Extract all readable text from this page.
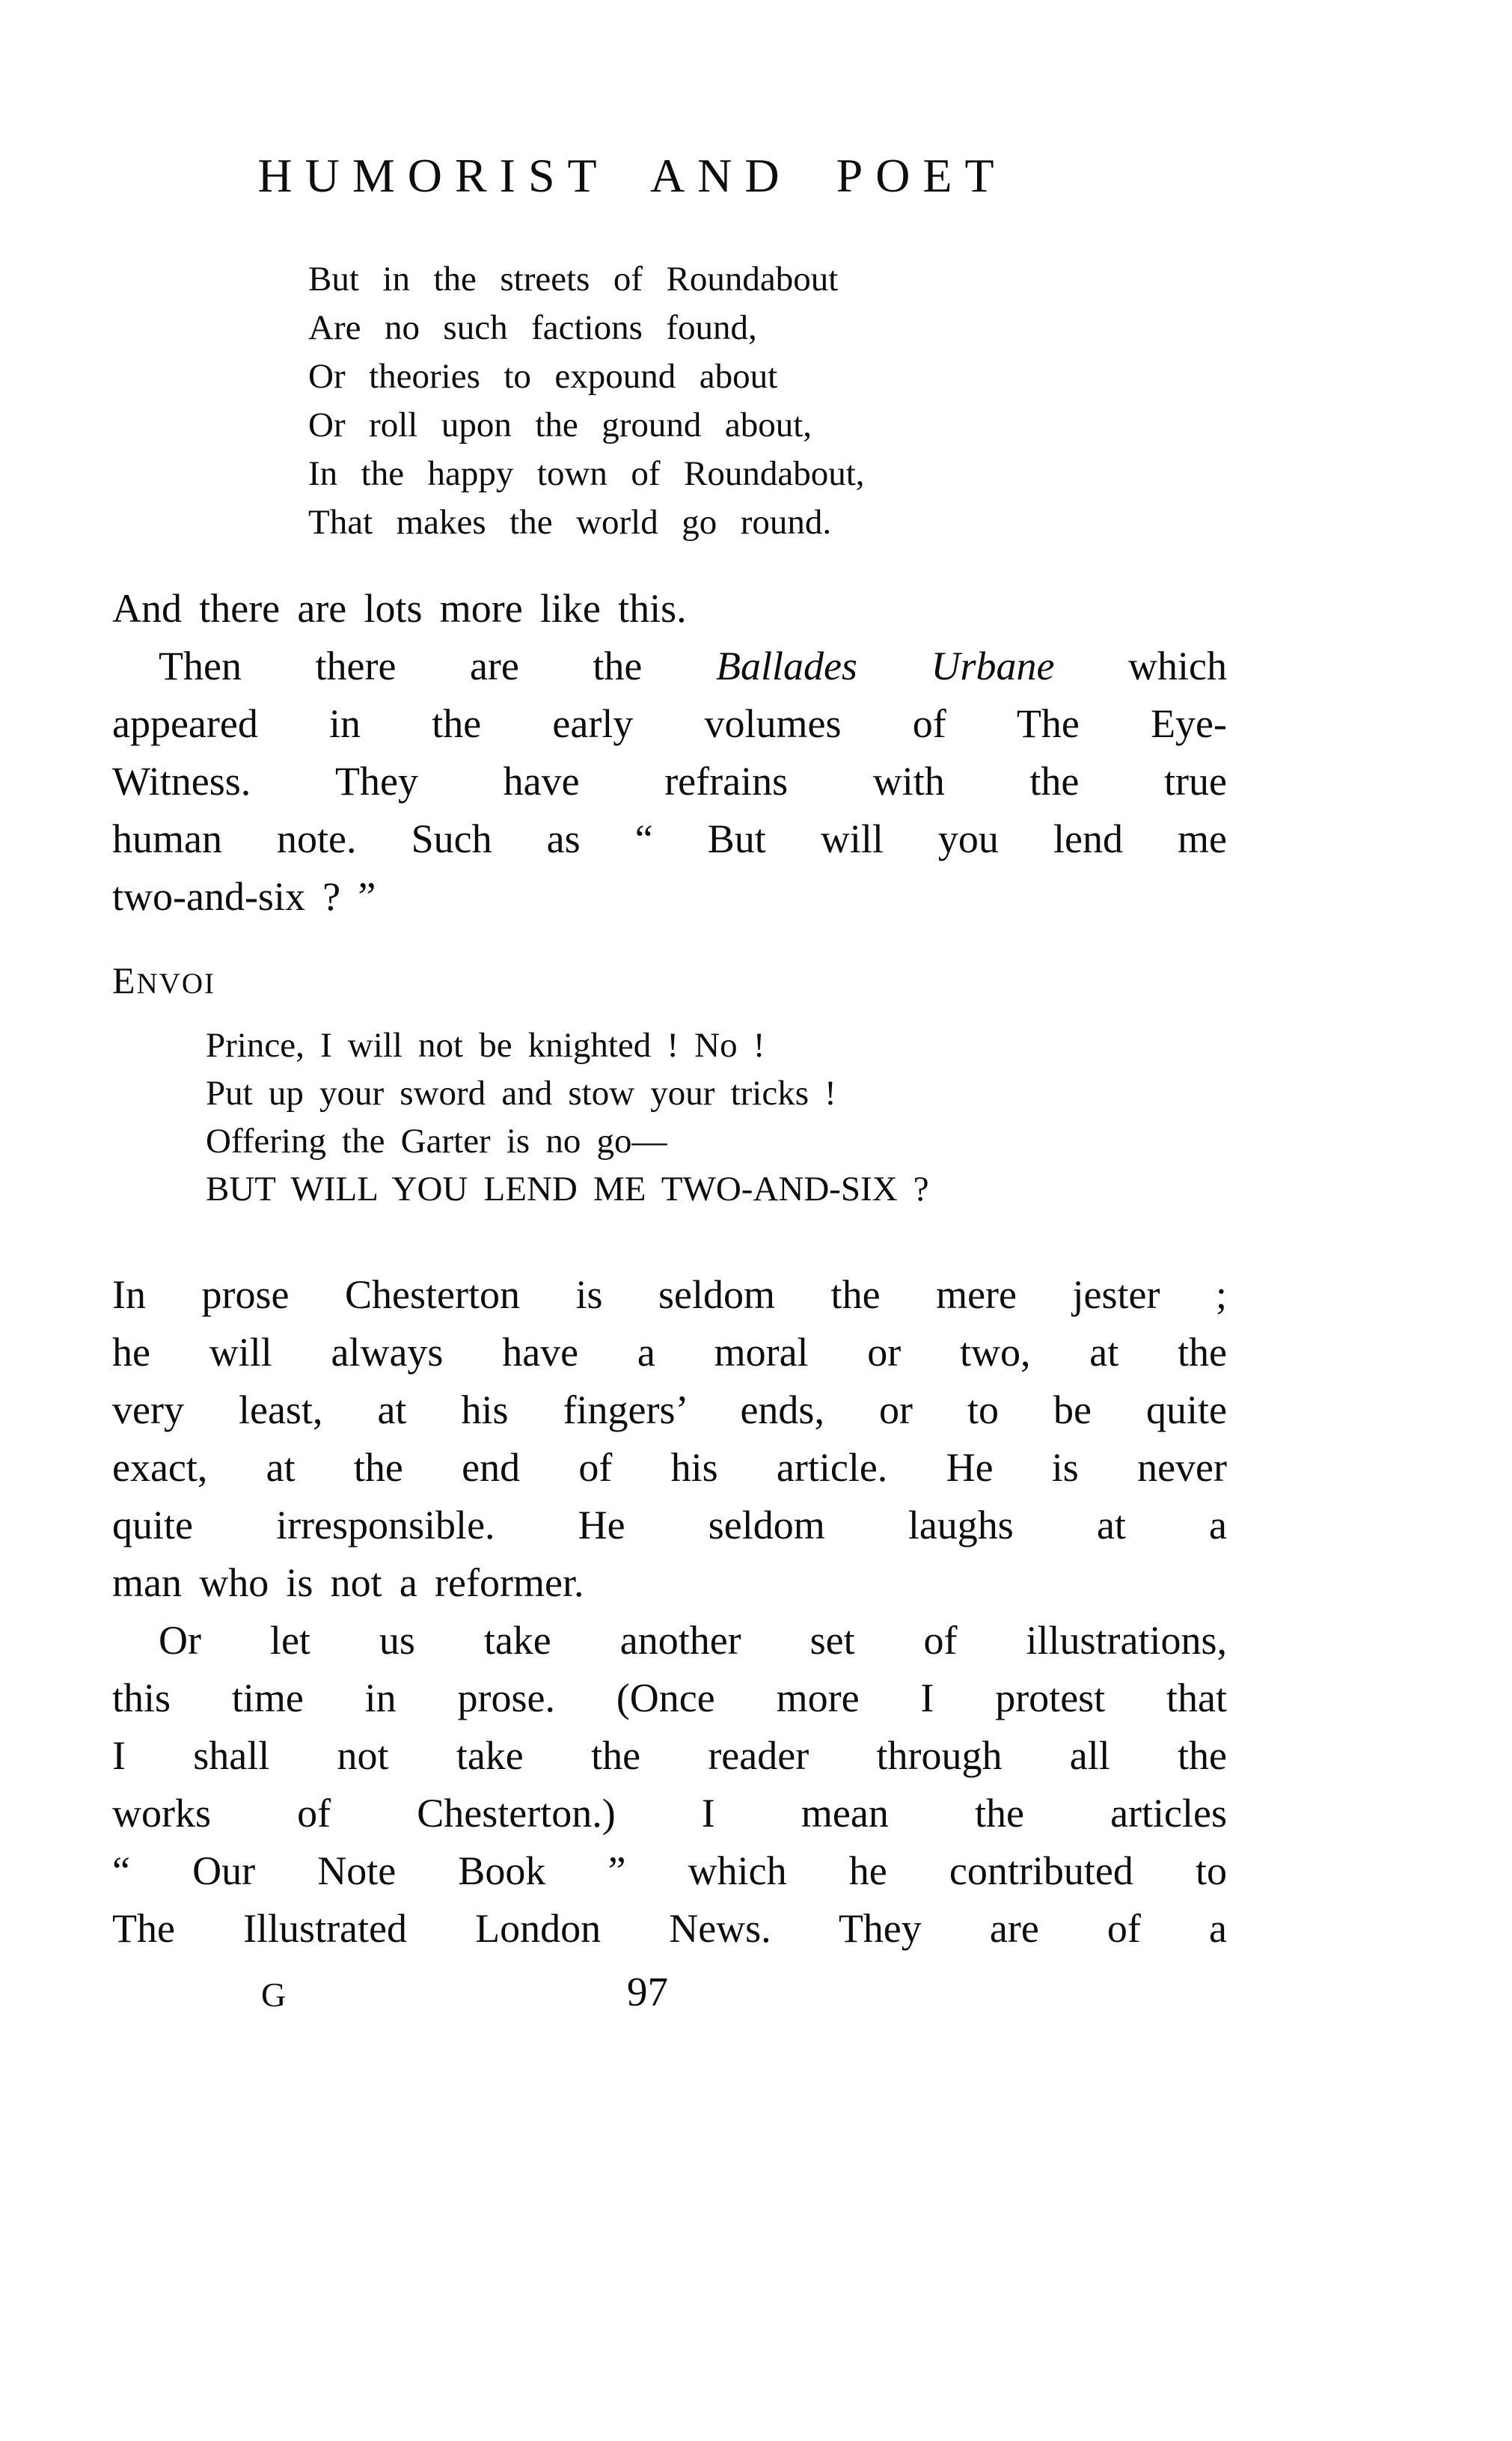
HUMORIST AND POET
But in the streets of Roundabout
Are no such factions found,
Or theories to expound about
Or roll upon the ground about,
In the happy town of Roundabout,
That makes the world go round.
And there are lots more like this.
Then there are the Ballades Urbane which
appeared in the early volumes of The Eye-
Witness. They have refrains with the true
human note. Such as “ But will you lend me
two-and-six ? ”
ENVOI
Prince, I will not be knighted ! No !
Put up your sword and stow your tricks !
Offering the Garter is no go—
BUT WILL YOU LEND ME TWO-AND-SIX ?
In prose Chesterton is seldom the mere jester ;
he will always have a moral or two, at the
very least, at his fingers’ ends, or to be quite
exact, at the end of his article. He is never
quite irresponsible. He seldom laughs at a
man who is not a reformer.
Or let us take another set of illustrations,
this time in prose. (Once more I protest that
I shall not take the reader through all the
works of Chesterton.) I mean the articles
“ Our Note Book ” which he contributed to
The Illustrated London News. They are of a
G	97
